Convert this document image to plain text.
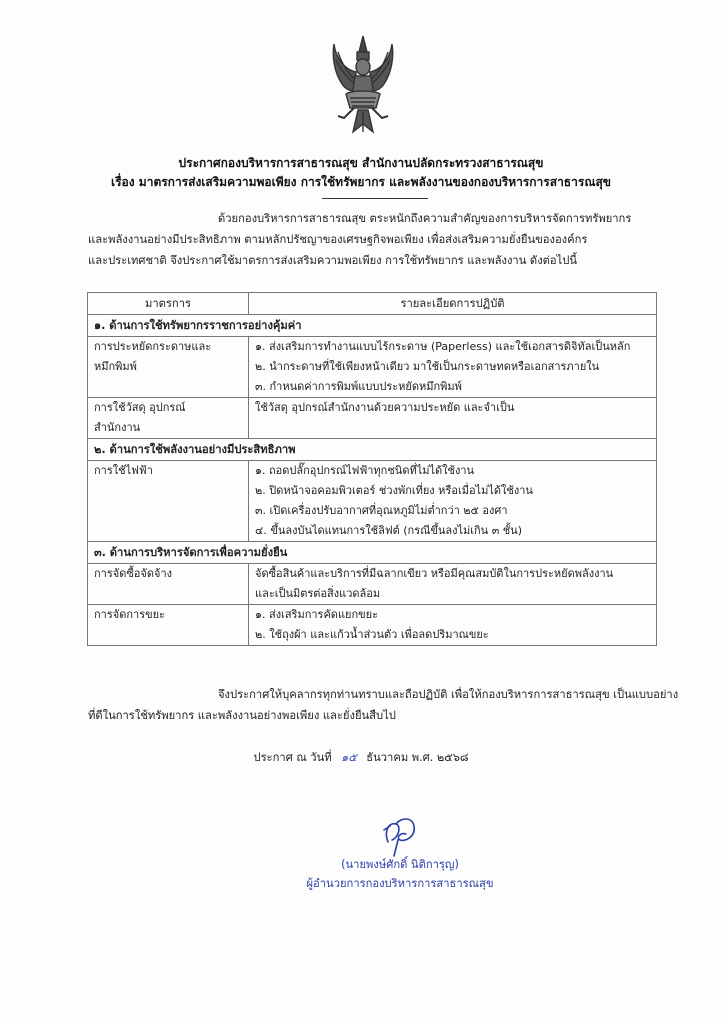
ประกาศกองบริหารการสาธารณสุข สำนักงานปลัดกระทรวงสาธารณสุข
เรื่อง มาตรการส่งเสริมความพอเพียง การใช้ทรัพยากร และพลังงานของกองบริหารการสาธารณสุข
ด้วยกองบริหารการสาธารณสุข ตระหนักถึงความสำคัญของการบริหารจัดการทรัพยากร
และพลังงานอย่างมีประสิทธิภาพ ตามหลักปรัชญาของเศรษฐกิจพอเพียง เพื่อส่งเสริมความยั่งยืนขององค์กร
และประเทศชาติ จึงประกาศใช้มาตรการส่งเสริมความพอเพียง การใช้ทรัพยากร และพลังงาน ดังต่อไปนี้
มาตรการ	รายละเอียดการปฏิบัติ
๑. ด้านการใช้ทรัพยากรราชการอย่างคุ้มค่า	

การประหยัดกระดาษและ
หมึกพิมพ์	๑. ส่งเสริมการทำงานแบบไร้กระดาษ (Paperless) และใช้เอกสารดิจิทัลเป็นหลัก
๒. นำกระดาษที่ใช้เพียงหน้าเดียว มาใช้เป็นกระดาษทดหรือเอกสารภายใน
๓. กำหนดค่าการพิมพ์แบบประหยัดหมึกพิมพ์

การใช้วัสดุ อุปกรณ์
สำนักงาน	ใช้วัสดุ อุปกรณ์สำนักงานด้วยความประหยัด และจำเป็น

๒. ด้านการใช้พลังงานอย่างมีประสิทธิภาพ	

การใช้ไฟฟ้า	๑. ถอดปลั๊กอุปกรณ์ไฟฟ้าทุกชนิดที่ไม่ได้ใช้งาน
๒. ปิดหน้าจอคอมพิวเตอร์ ช่วงพักเที่ยง หรือเมื่อไม่ได้ใช้งาน
๓. เปิดเครื่องปรับอากาศที่อุณหภูมิไม่ต่ำกว่า ๒๕ องศา
๔. ขึ้นลงบันไดแทนการใช้ลิฟต์ (กรณีขึ้นลงไม่เกิน ๓ ชั้น)

๓. ด้านการบริหารจัดการเพื่อความยั่งยืน	

การจัดซื้อจัดจ้าง	จัดซื้อสินค้าและบริการที่มีฉลากเขียว หรือมีคุณสมบัติในการประหยัดพลังงาน
และเป็นมิตรต่อสิ่งแวดล้อม

การจัดการขยะ	๑. ส่งเสริมการคัดแยกขยะ
๒. ใช้ถุงผ้า และแก้วน้ำส่วนตัว เพื่อลดปริมาณขยะ
จึงประกาศให้บุคลากรทุกท่านทราบและถือปฏิบัติ เพื่อให้กองบริหารการสาธารณสุข เป็นแบบอย่าง
ที่ดีในการใช้ทรัพยากร และพลังงานอย่างพอเพียง และยั่งยืนสืบไป
ประกาศ ณ วันที่ ๑๕ ธันวาคม พ.ศ. ๒๕๖๘
(นายพงษ์ศักดิ์ นิติการุญ)
ผู้อำนวยการกองบริหารการสาธารณสุข
